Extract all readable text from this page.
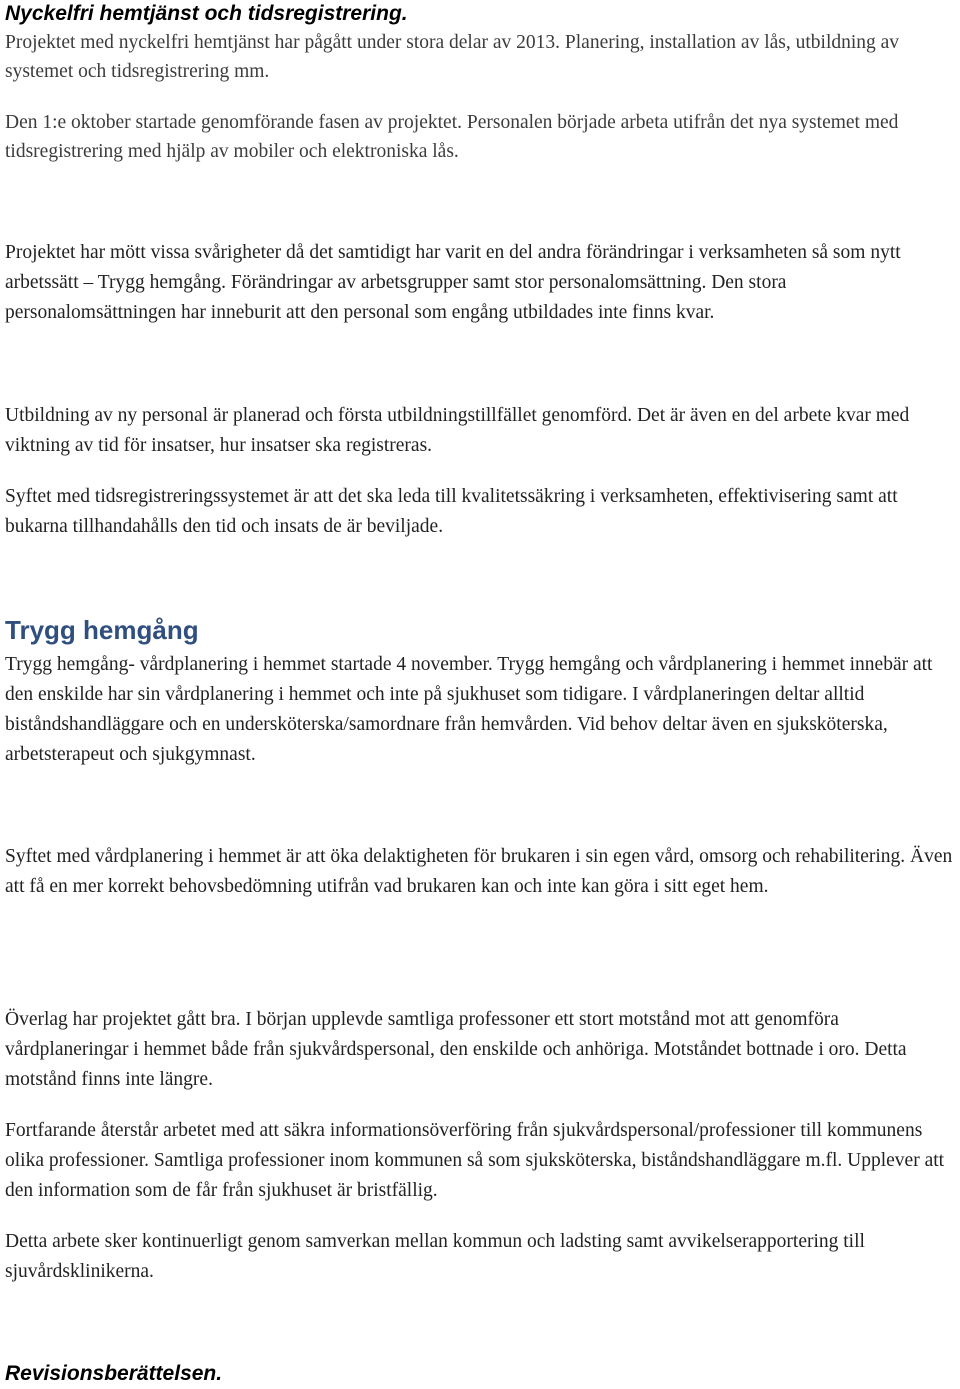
Nyckelfri hemtjänst och tidsregistrering.

Projektet med nyckelfri hemtjänst har pågått under stora delar av 2013. Planering, installation av lås, utbildning av systemet och tidsregistrering mm.

Den 1:e oktober startade genomförande fasen av projektet. Personalen började arbeta utifrån det nya systemet med tidsregistrering med hjälp av mobiler och elektroniska lås.

Projektet har mött vissa svårigheter då det samtidigt har varit en del andra förändringar i verksamheten så som nytt arbetssätt – Trygg hemgång. Förändringar av arbetsgrupper samt stor personalomsättning. Den stora personalomsättningen har inneburit att den personal som engång utbildades inte finns kvar.

Utbildning av ny personal är planerad och första utbildningstillfället genomförd. Det är även en del arbete kvar med viktning av tid för insatser, hur insatser ska registreras.

Syftet med tidsregistreringssystemet är att det ska leda till kvalitetssäkring i verksamheten, effektivisering samt att bukarna tillhandahålls den tid och insats de är beviljade.

Trygg hemgång

Trygg hemgång- vårdplanering i hemmet startade 4 november. Trygg hemgång och vårdplanering i hemmet innebär att den enskilde har sin vårdplanering i hemmet och inte på sjukhuset som tidigare. I vårdplaneringen deltar alltid biståndshandläggare och en undersköterska/samordnare från hemvården. Vid behov deltar även en sjuksköterska, arbetsterapeut och sjukgymnast.

Syftet med vårdplanering i hemmet är att öka delaktigheten för brukaren i sin egen vård, omsorg och rehabilitering. Även att få en mer korrekt behovsbedömning utifrån vad brukaren kan och inte kan göra i sitt eget hem.

Överlag har projektet gått bra. I början upplevde samtliga professoner ett stort motstånd mot att genomföra vårdplaneringar i hemmet både från sjukvårdspersonal, den enskilde och anhöriga. Motståndet bottnade i oro. Detta motstånd finns inte längre.

Fortfarande återstår arbetet med att säkra informationsöverföring från sjukvårdspersonal/professioner till kommunens olika professioner. Samtliga professioner inom kommunen så som sjuksköterska, biståndshandläggare m.fl. Upplever att den information som de får från sjukhuset är bristfällig.

Detta arbete sker kontinuerligt genom samverkan mellan kommun och ladsting samt avvikelserapportering till sjuvårdsklinikerna.

Revisionsberättelsen.
